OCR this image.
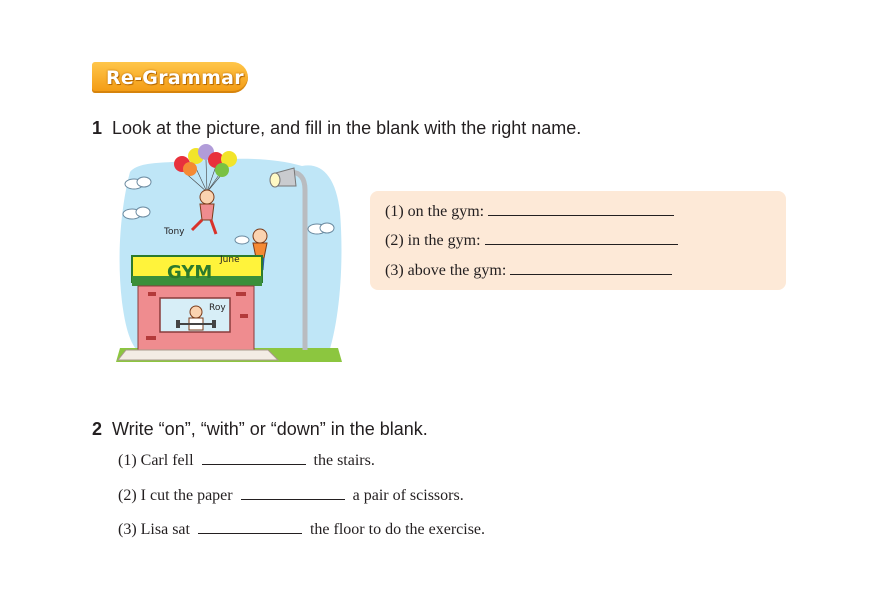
Re-Grammar
1 Look at the picture, and fill in the blank with the right name.
Tony
June
Roy
GYM
(1) on the gym:
(2) in the gym:
(3) above the gym:
2 Write “on”, “with” or “down” in the blank.
(1) Carl fell	the stairs.
(2) I cut the paper	a pair of scissors.
(3) Lisa sat	the floor to do the exercise.
